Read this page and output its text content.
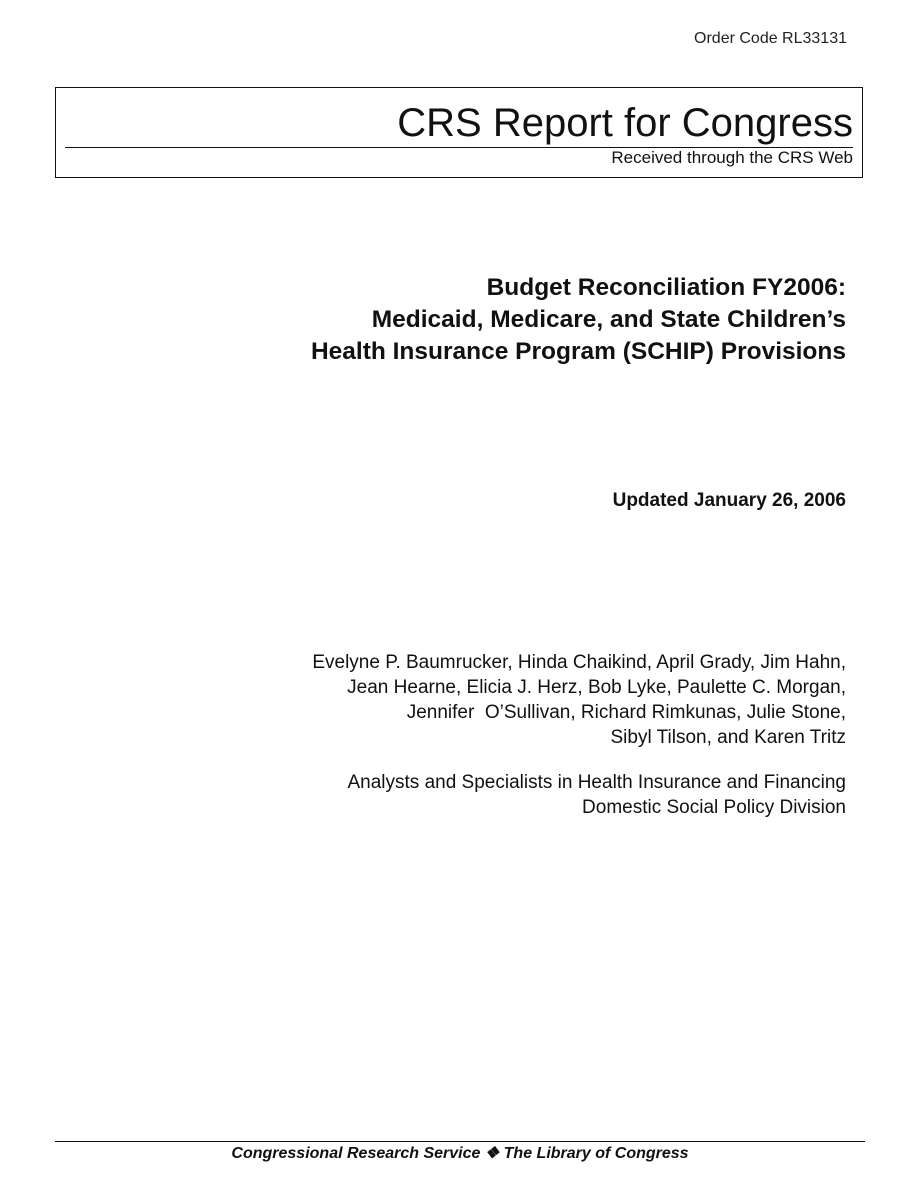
Order Code RL33131
CRS Report for Congress
Received through the CRS Web
Budget Reconciliation FY2006:
Medicaid, Medicare, and State Children’s
Health Insurance Program (SCHIP) Provisions
Updated January 26, 2006
Evelyne P. Baumrucker, Hinda Chaikind, April Grady, Jim Hahn,
Jean Hearne, Elicia J. Herz, Bob Lyke, Paulette C. Morgan,
Jennifer  O’Sullivan, Richard Rimkunas, Julie Stone,
Sibyl Tilson, and Karen Tritz
Analysts and Specialists in Health Insurance and Financing
Domestic Social Policy Division
Congressional Research Service ❖ The Library of Congress
